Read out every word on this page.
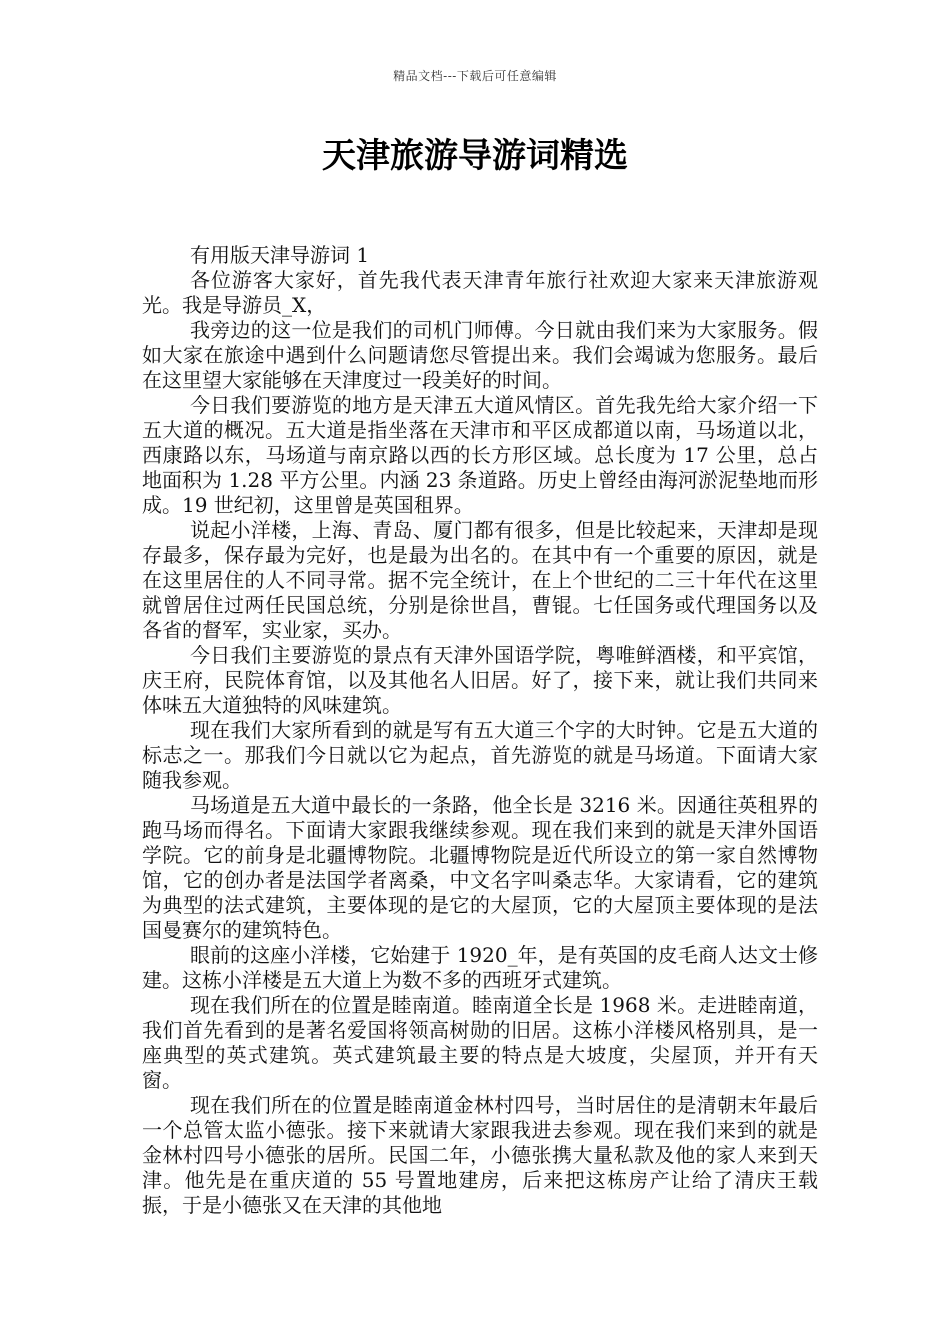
精品文档---下载后可任意编辑
天津旅游导游词精选

有用版天津导游词 1

各位游客大家好，首先我代表天津青年旅行社欢迎大家来天津旅游观光。我是导游员_X，

我旁边的这一位是我们的司机门师傅。今日就由我们来为大家服务。假如大家在旅途中遇到什么问题请您尽管提出来。我们会竭诚为您服务。最后在这里望大家能够在天津度过一段美好的时间。

今日我们要游览的地方是天津五大道风情区。首先我先给大家介绍一下五大道的概况。五大道是指坐落在天津市和平区成都道以南，马场道以北，西康路以东，马场道与南京路以西的长方形区域。总长度为 17 公里，总占地面积为 1.28 平方公里。内涵 23 条道路。历史上曾经由海河淤泥垫地而形成。19 世纪初，这里曾是英国租界。

说起小洋楼，上海、青岛、厦门都有很多，但是比较起来，天津却是现存最多，保存最为完好，也是最为出名的。在其中有一个重要的原因，就是在这里居住的人不同寻常。据不完全统计，在上个世纪的二三十年代在这里就曾居住过两任民国总统，分别是徐世昌，曹锟。七任国务或代理国务以及各省的督军，实业家，买办。

今日我们主要游览的景点有天津外国语学院，粤唯鲜酒楼，和平宾馆，庆王府，民院体育馆，以及其他名人旧居。好了，接下来，就让我们共同来体味五大道独特的风味建筑。

现在我们大家所看到的就是写有五大道三个字的大时钟。它是五大道的标志之一。那我们今日就以它为起点，首先游览的就是马场道。下面请大家随我参观。

马场道是五大道中最长的一条路，他全长是 3216 米。因通往英租界的跑马场而得名。下面请大家跟我继续参观。现在我们来到的就是天津外国语学院。它的前身是北疆博物院。北疆博物院是近代所设立的第一家自然博物馆，它的创办者是法国学者离桑，中文名字叫桑志华。大家请看，它的建筑为典型的法式建筑，主要体现的是它的大屋顶，它的大屋顶主要体现的是法国曼赛尔的建筑特色。

眼前的这座小洋楼，它始建于 1920_年，是有英国的皮毛商人达文士修建。这栋小洋楼是五大道上为数不多的西班牙式建筑。

现在我们所在的位置是睦南道。睦南道全长是 1968 米。走进睦南道，我们首先看到的是著名爱国将领高树勋的旧居。这栋小洋楼风格别具，是一座典型的英式建筑。英式建筑最主要的特点是大坡度，尖屋顶，并开有天窗。

现在我们所在的位置是睦南道金林村四号，当时居住的是清朝末年最后一个总管太监小德张。接下来就请大家跟我进去参观。现在我们来到的就是金林村四号小德张的居所。民国二年，小德张携大量私款及他的家人来到天津。他先是在重庆道的 55 号置地建房，后来把这栋房产让给了清庆王载振，于是小德张又在天津的其他地
